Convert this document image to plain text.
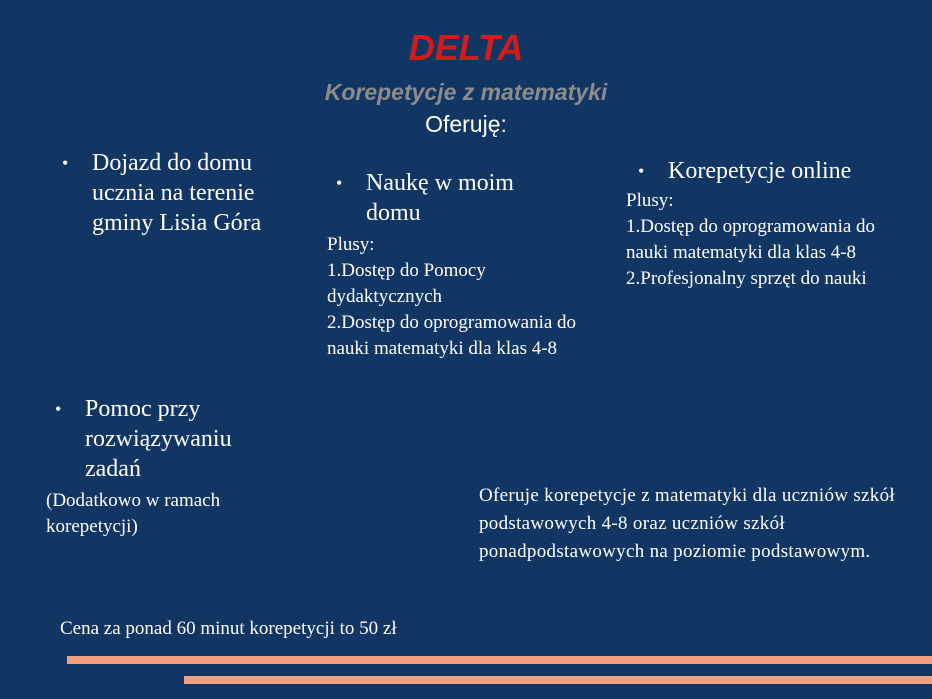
DELTA
Korepetycje z matematyki
Oferuję:
• Dojazd do domu ucznia na terenie gminy Lisia Góra
• Naukę w moim domu
Plusy:
1.Dostęp do Pomocy dydaktycznych
2.Dostęp do oprogramowania do nauki matematyki dla klas 4-8
• Korepetycje online
Plusy:
1.Dostęp do oprogramowania do nauki matematyki dla klas 4-8
2.Profesjonalny sprzęt do nauki
• Pomoc przy rozwiązywaniu zadań
(Dodatkowo w ramach korepetycji)
Oferuje korepetycje z matematyki dla uczniów szkół podstawowych 4-8 oraz uczniów szkół ponadpodstawowych na poziomie podstawowym.
Cena za ponad 60 minut korepetycji to 50 zł
